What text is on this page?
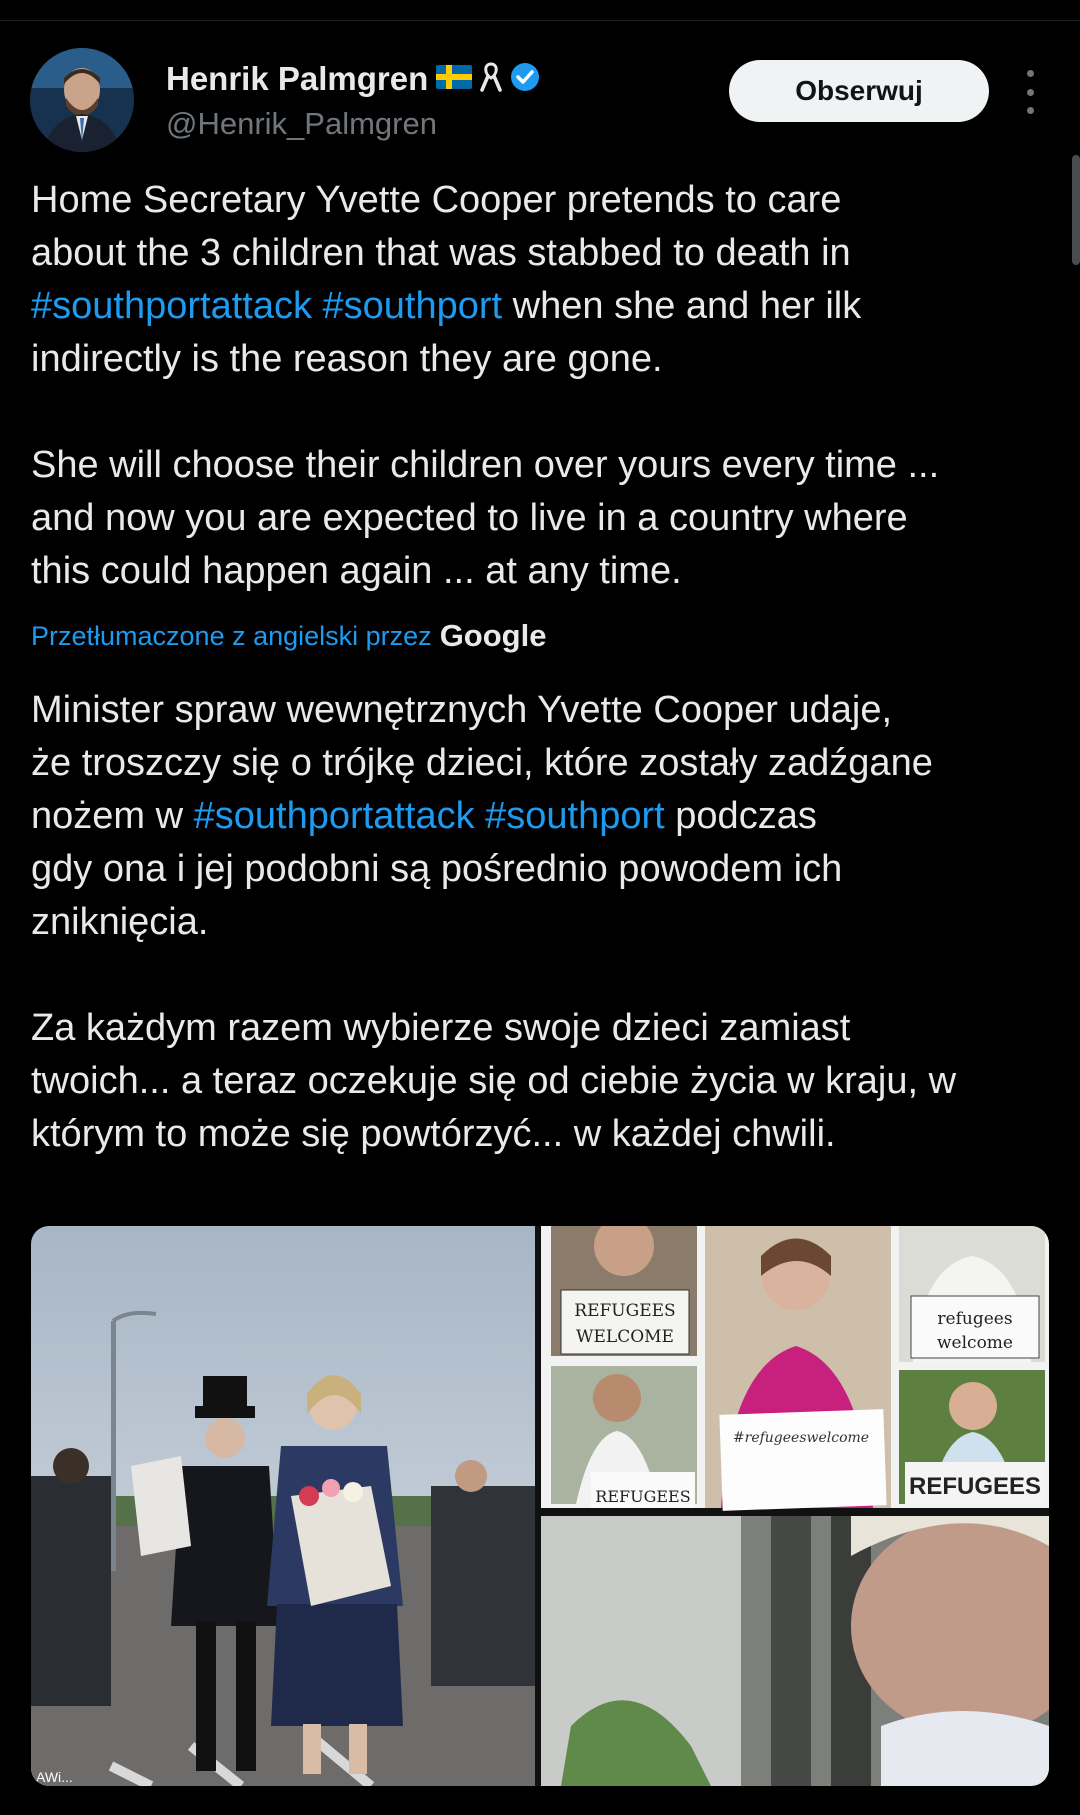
Henrik Palmgren
@Henrik_Palmgren
Obserwuj
Home Secretary Yvette Cooper pretends to care
about the 3 children that was stabbed to death in
#southportattack #southport when she and her ilk
indirectly is the reason they are gone.
She will choose their children over yours every time ...
and now you are expected to live in a country where
this could happen again ... at any time.
Przetłumaczone z angielski przez Google
Minister spraw wewnętrznych Yvette Cooper udaje,
że troszczy się o trójkę dzieci, które zostały zadźgane
nożem w #southportattack #southport podczas
gdy ona i jej podobni są pośrednio powodem ich
zniknięcia.
Za każdym razem wybierze swoje dzieci zamiast
twoich... a teraz oczekuje się od ciebie życia w kraju, w
którym to może się powtórzyć... w każdej chwili.
AWi...
REFUGEES
WELCOME
REFUGEES
#refugeeswelcome
refugees
welcome
REFUGEES
